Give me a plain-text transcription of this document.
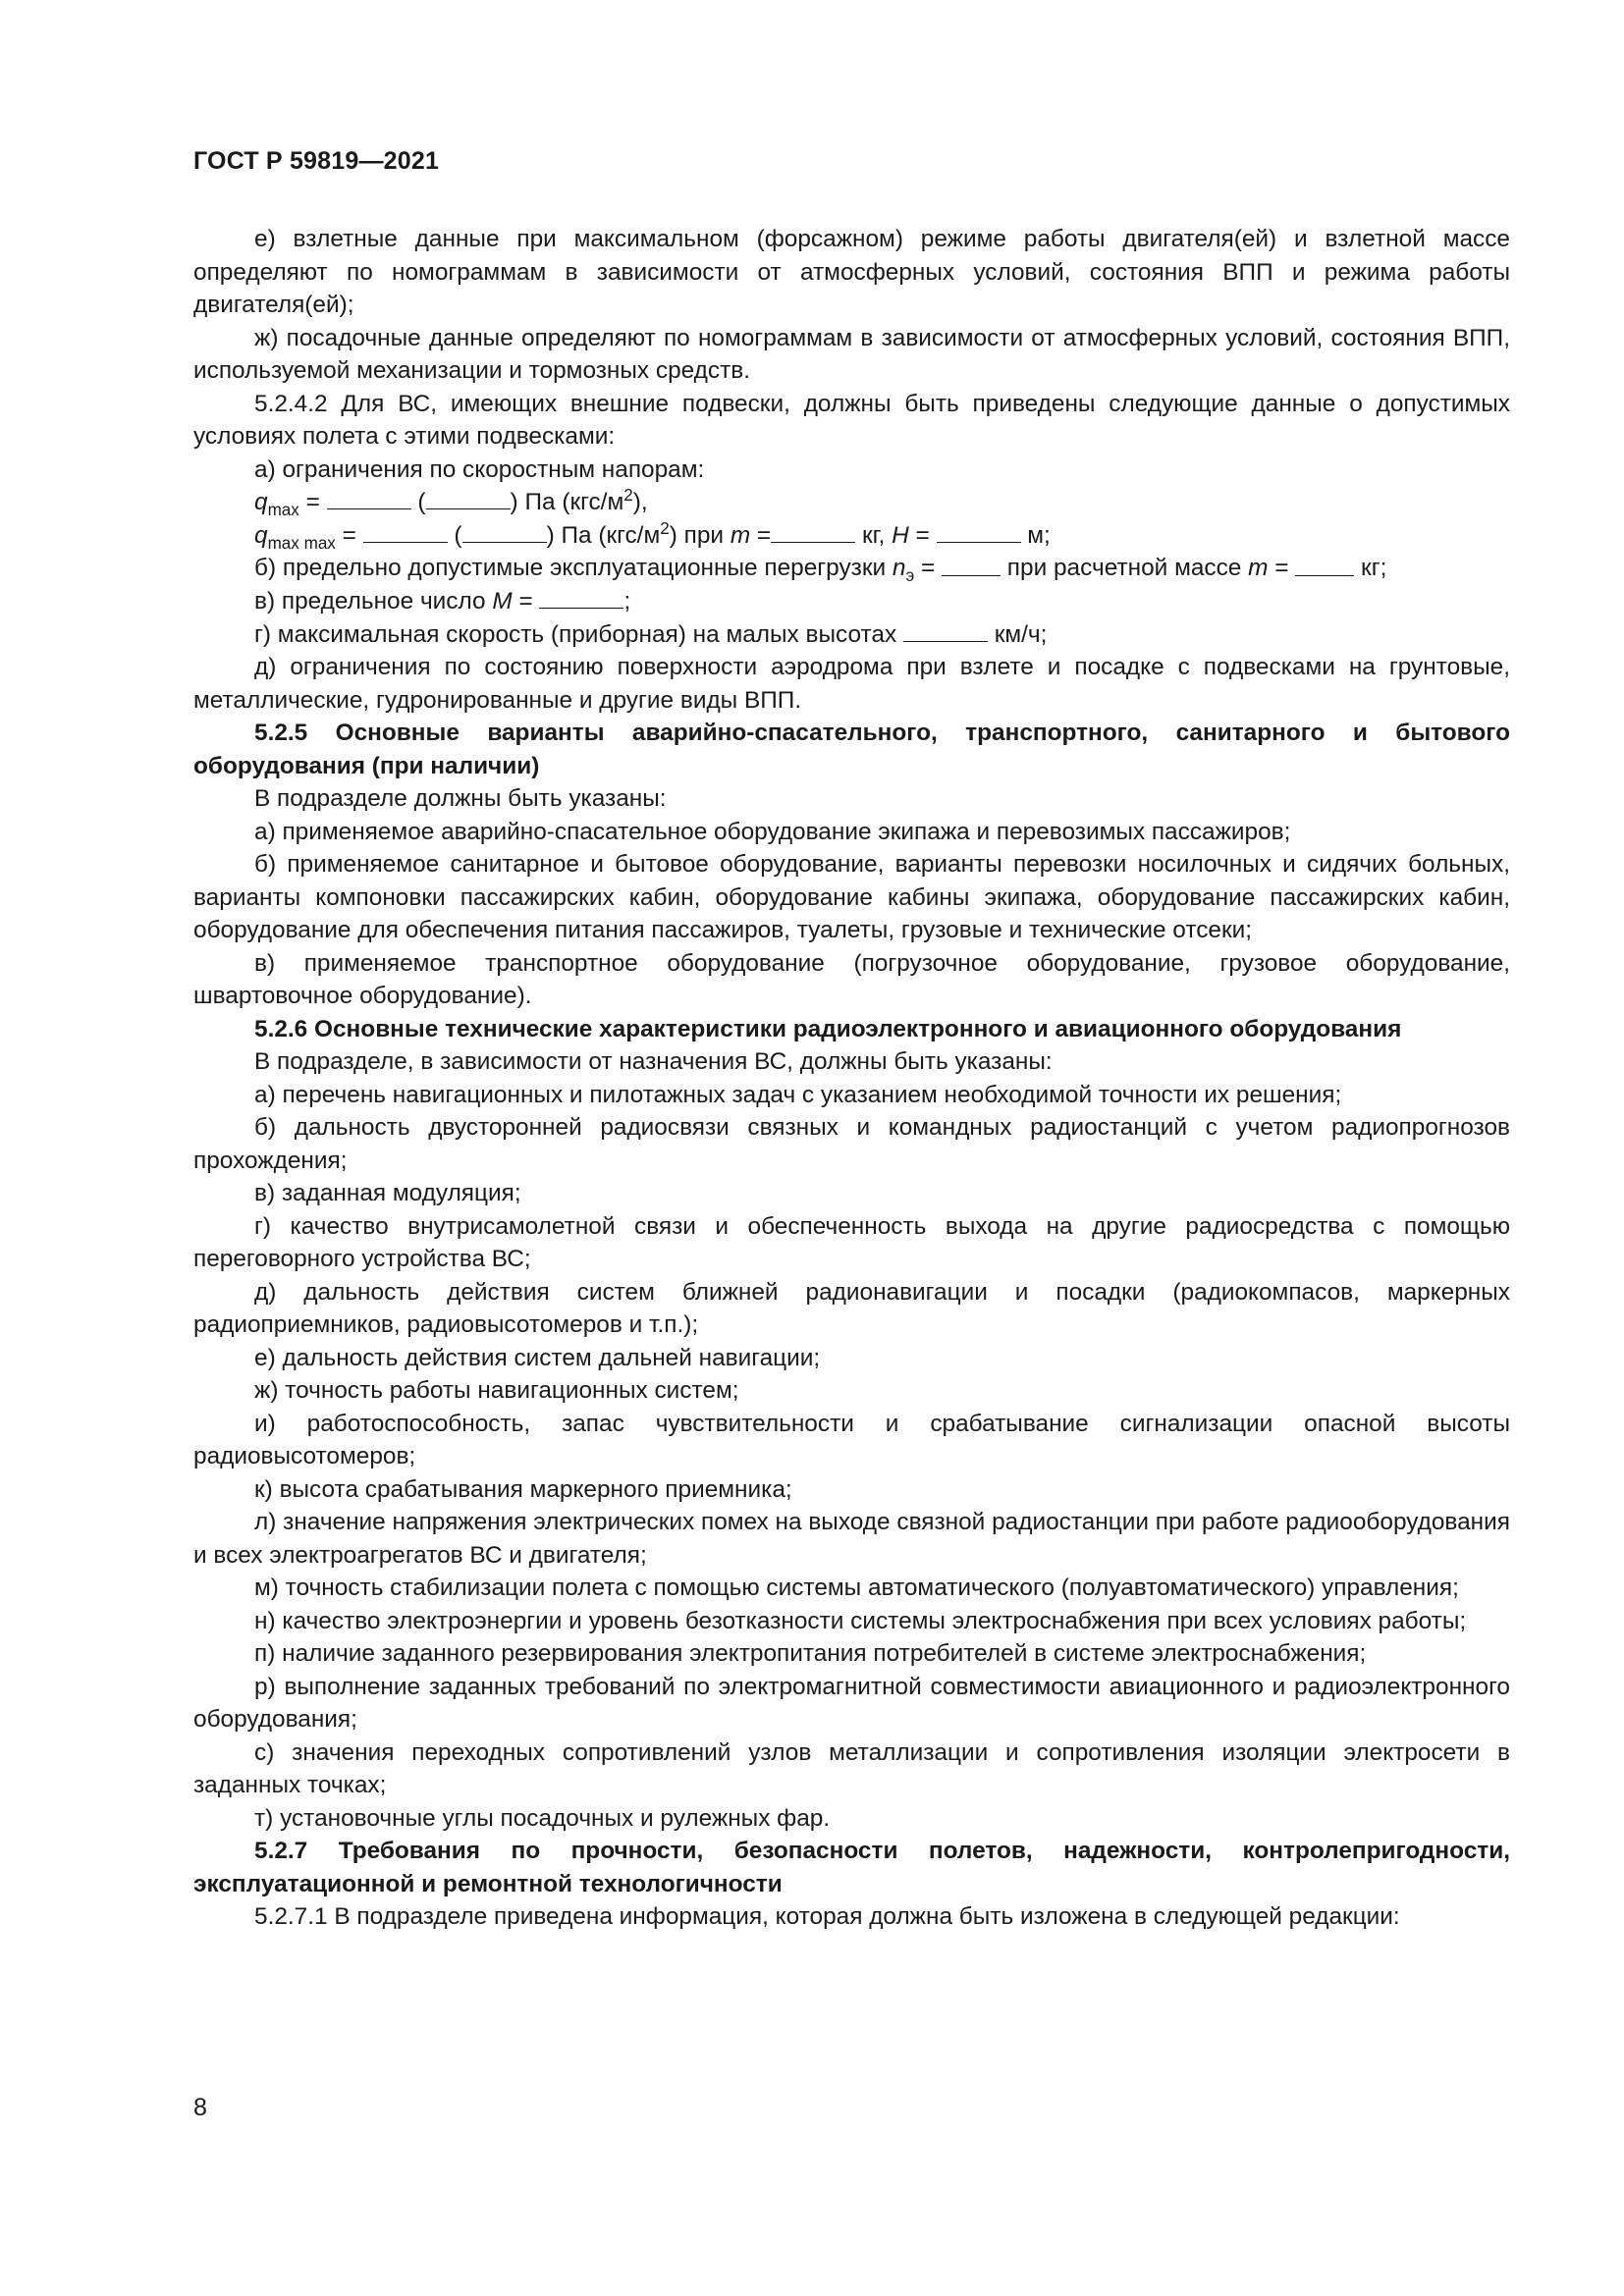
ГОСТ Р 59819—2021

е) взлетные данные при максимальном (форсажном) режиме работы двигателя(ей) и взлетной массе определяют по номограммам в зависимости от атмосферных условий, состояния ВПП и режима работы двигателя(ей);

ж) посадочные данные определяют по номограммам в зависимости от атмосферных условий, состояния ВПП, используемой механизации и тормозных средств.

5.2.4.2 Для ВС, имеющих внешние подвески, должны быть приведены следующие данные о допустимых условиях полета с этими подвесками:

а) ограничения по скоростным напорам:

$q_{max}$ =	(	) Па $(кгс/м^2)$,

$q_{max max}$ =	(	) Па $(кгс/м^2)$ при m =	кг, H =	м;

б) предельно допустимые эксплуатационные перегрузки $n_э$ =  при расчетной массе m =  кг;

в) предельное число M =	;

г) максимальная скорость (приборная) на малых высотах	км/ч;

д) ограничения по состоянию поверхности аэродрома при взлете и посадке с подвесками на грунтовые, металлические, гудронированные и другие виды ВПП.

5.2.5 Основные варианты аварийно-спасательного, транспортного, санитарного и бытового оборудования (при наличии)

В подразделе должны быть указаны:

а) применяемое аварийно-спасательное оборудование экипажа и перевозимых пассажиров;

б) применяемое санитарное и бытовое оборудование, варианты перевозки носилочных и сидячих больных, варианты компоновки пассажирских кабин, оборудование кабины экипажа, оборудование пассажирских кабин, оборудование для обеспечения питания пассажиров, туалеты, грузовые и технические отсеки;

в) применяемое транспортное оборудование (погрузочное оборудование, грузовое оборудование, швартовочное оборудование).

5.2.6 Основные технические характеристики радиоэлектронного и авиационного оборудования

В подразделе, в зависимости от назначения ВС, должны быть указаны:

а) перечень навигационных и пилотажных задач с указанием необходимой точности их решения;

б) дальность двусторонней радиосвязи связных и командных радиостанций с учетом радиопрогнозов прохождения;

в) заданная модуляция;

г) качество внутрисамолетной связи и обеспеченность выхода на другие радиосредства с помощью переговорного устройства ВС;

д) дальность действия систем ближней радионавигации и посадки (радиокомпасов, маркерных радиоприемников, радиовысотомеров и т.п.);

е) дальность действия систем дальней навигации;

ж) точность работы навигационных систем;

и) работоспособность, запас чувствительности и срабатывание сигнализации опасной высоты радиовысотомеров;

к) высота срабатывания маркерного приемника;

л) значение напряжения электрических помех на выходе связной радиостанции при работе радиооборудования и всех электроагрегатов ВС и двигателя;

м) точность стабилизации полета с помощью системы автоматического (полуавтоматического) управления;

н) качество электроэнергии и уровень безотказности системы электроснабжения при всех условиях работы;

п) наличие заданного резервирования электропитания потребителей в системе электроснабжения;

р) выполнение заданных требований по электромагнитной совместимости авиационного и радиоэлектронного оборудования;

с) значения переходных сопротивлений узлов металлизации и сопротивления изоляции электросети в заданных точках;

т) установочные углы посадочных и рулежных фар.

5.2.7 Требования по прочности, безопасности полетов, надежности, контролепригодности, эксплуатационной и ремонтной технологичности

5.2.7.1 В подразделе приведена информация, которая должна быть изложена в следующей редакции:

8
